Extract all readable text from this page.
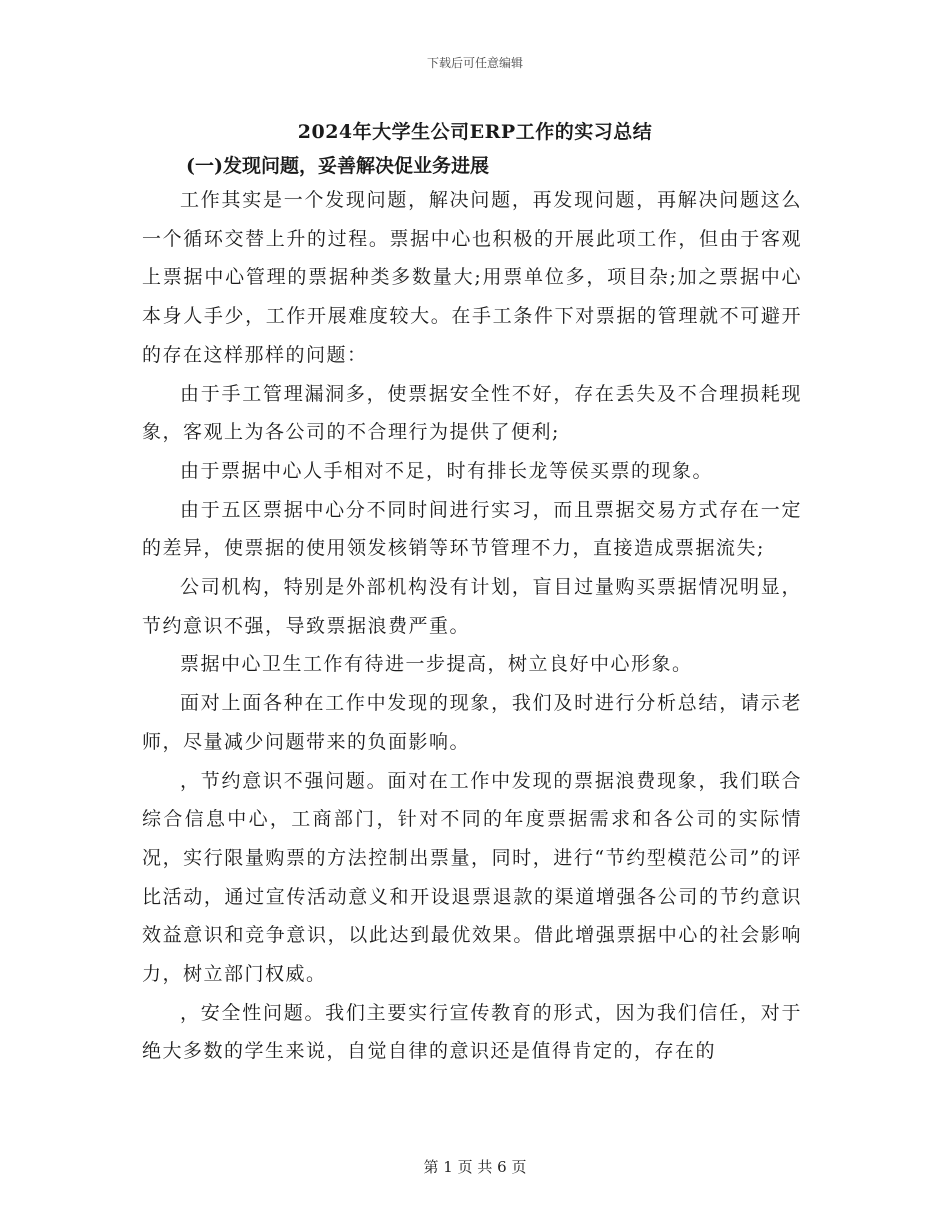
下载后可任意编辑
2024年大学生公司ERP工作的实习总结
(一)发现问题，妥善解决促业务进展

工作其实是一个发现问题，解决问题，再发现问题，再解决问题这么一个循环交替上升的过程。票据中心也积极的开展此项工作，但由于客观上票据中心管理的票据种类多数量大;用票单位多，项目杂;加之票据中心本身人手少，工作开展难度较大。在手工条件下对票据的管理就不可避开的存在这样那样的问题：

由于手工管理漏洞多，使票据安全性不好，存在丢失及不合理损耗现象，客观上为各公司的不合理行为提供了便利;

由于票据中心人手相对不足，时有排长龙等侯买票的现象。

由于五区票据中心分不同时间进行实习，而且票据交易方式存在一定的差异，使票据的使用领发核销等环节管理不力，直接造成票据流失;

公司机构，特别是外部机构没有计划，盲目过量购买票据情况明显，节约意识不强，导致票据浪费严重。

票据中心卫生工作有待进一步提高，树立良好中心形象。

面对上面各种在工作中发现的现象，我们及时进行分析总结，请示老师，尽量减少问题带来的负面影响。

，节约意识不强问题。面对在工作中发现的票据浪费现象，我们联合综合信息中心，工商部门，针对不同的年度票据需求和各公司的实际情况，实行限量购票的方法控制出票量，同时，进行“节约型模范公司”的评比活动，通过宣传活动意义和开设退票退款的渠道增强各公司的节约意识效益意识和竞争意识，以此达到最优效果。借此增强票据中心的社会影响力，树立部门权威。

，安全性问题。我们主要实行宣传教育的形式，因为我们信任，对于绝大多数的学生来说，自觉自律的意识还是值得肯定的，存在的

第 1 页 共 6 页
